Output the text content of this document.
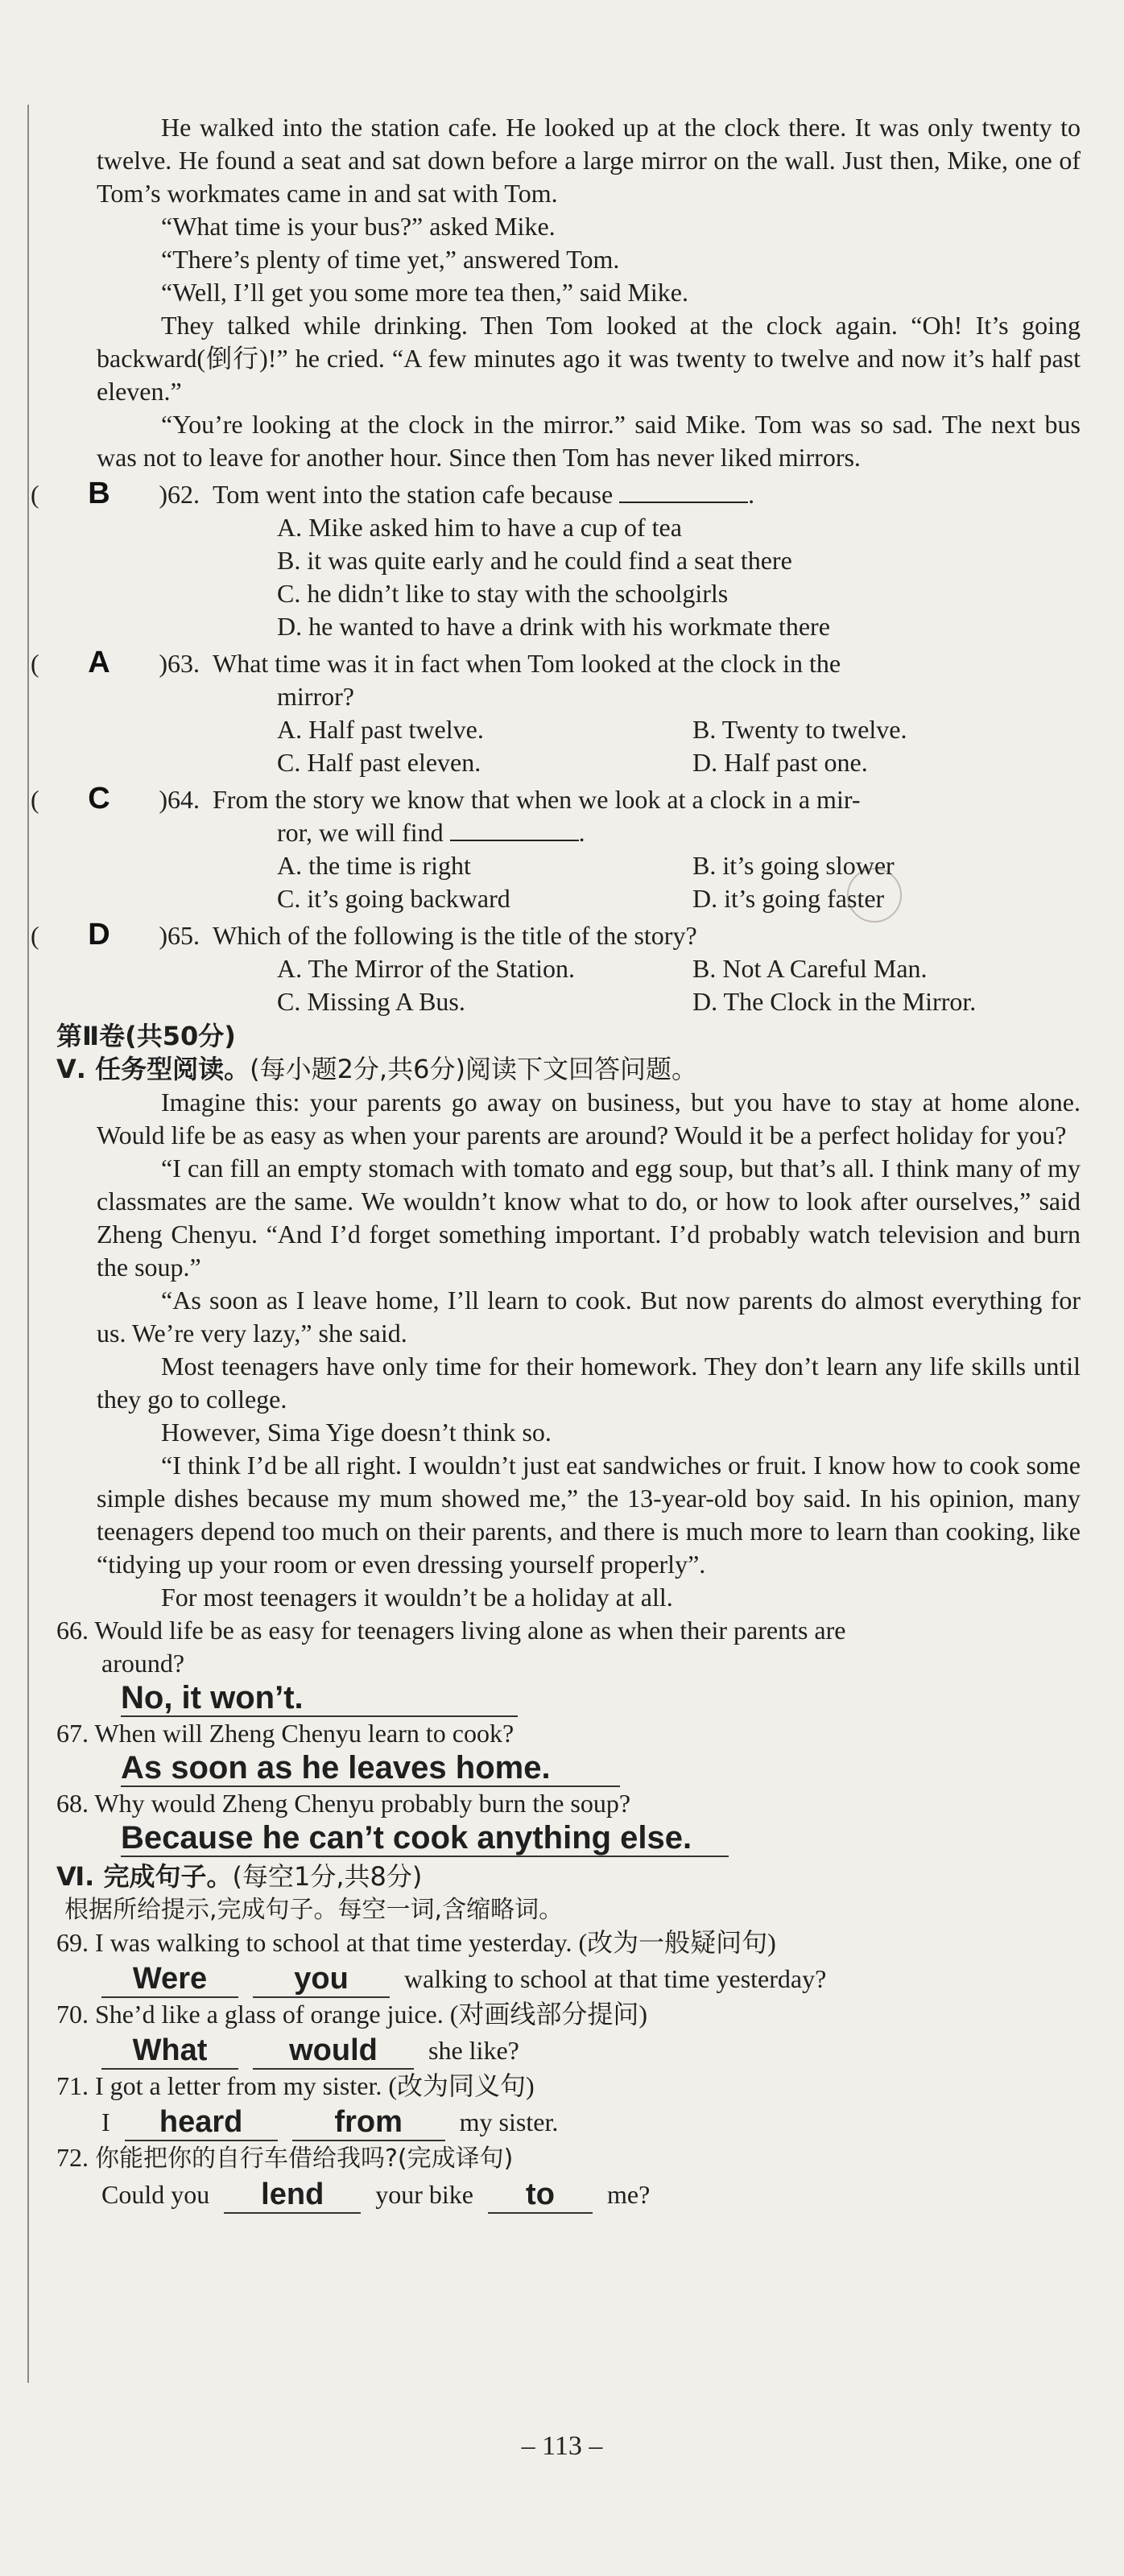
He walked into the station cafe. He looked up at the clock there. It was only twenty to twelve. He found a seat and sat down before a large mirror on the wall. Just then, Mike, one of Tom’s workmates came in and sat with Tom.

“What time is your bus?” asked Mike.

“There’s plenty of time yet,” answered Tom.

“Well, I’ll get you some more tea then,” said Mike.

They talked while drinking. Then Tom looked at the clock again. “Oh! It’s going backward(倒行)!” he cried. “A few minutes ago it was twenty to twelve and now it’s half past eleven.”

“You’re looking at the clock in the mirror.” said Mike. Tom was so sad. The next bus was not to leave for another hour. Since then Tom has never liked mirrors.

( B ) 62. Tom went into the station cafe because	.
A. Mike asked him to have a cup of tea
B. it was quite early and he could find a seat there
C. he didn’t like to stay with the schoolgirls
D. he wanted to have a drink with his workmate there
( A ) 63. What time was it in fact when Tom looked at the clock in the
mirror?
A. Half past twelve.	B. Twenty to twelve.
C. Half past eleven.	D. Half past one.
( C ) 64. From the story we know that when we look at a clock in a mir-
ror, we will find	.
A. the time is right	B. it’s going slower
C. it’s going backward	D. it’s going faster
( D ) 65. Which of the following is the title of the story?
A. The Mirror of the Station.	B. Not A Careful Man.
C. Missing A Bus.	D. The Clock in the Mirror.
第Ⅱ卷(共50分)
Ⅴ. 任务型阅读。(每小题2分,共6分)阅读下文回答问题。

Imagine this: your parents go away on business, but you have to stay at home alone. Would life be as easy as when your parents are around? Would it be a perfect holiday for you?

“I can fill an empty stomach with tomato and egg soup, but that’s all. I think many of my classmates are the same. We wouldn’t know what to do, or how to look after ourselves,” said Zheng Chenyu. “And I’d forget something important. I’d probably watch television and burn the soup.”

“As soon as I leave home, I’ll learn to cook. But now parents do almost everything for us. We’re very lazy,” she said.

Most teenagers have only time for their homework. They don’t learn any life skills until they go to college.

However, Sima Yige doesn’t think so.

“I think I’d be all right. I wouldn’t just eat sandwiches or fruit. I know how to cook some simple dishes because my mum showed me,” the 13-year-old boy said. In his opinion, many teenagers depend too much on their parents, and there is much more to learn than cooking, like “tidying up your room or even dressing yourself properly”.

For most teenagers it wouldn’t be a holiday at all.

66. Would life be as easy for teenagers living alone as when their parents are
around?
No, it won’t.
67. When will Zheng Chenyu learn to cook?
As soon as he leaves home.
68. Why would Zheng Chenyu probably burn the soup?
Because he can’t cook anything else.
Ⅵ. 完成句子。(每空1分,共8分)
根据所给提示,完成句子。每空一词,含缩略词。
69. I was walking to school at that time yesterday. (改为一般疑问句)
Were	you	walking to school at that time yesterday?
70. She’d like a glass of orange juice. (对画线部分提问)
What	would	she like?
71. I got a letter from my sister. (改为同义句)
I	heard	from	my sister.
72. 你能把你的自行车借给我吗?(完成译句)
Could you	lend	your bike	to	me?
– 113 –
